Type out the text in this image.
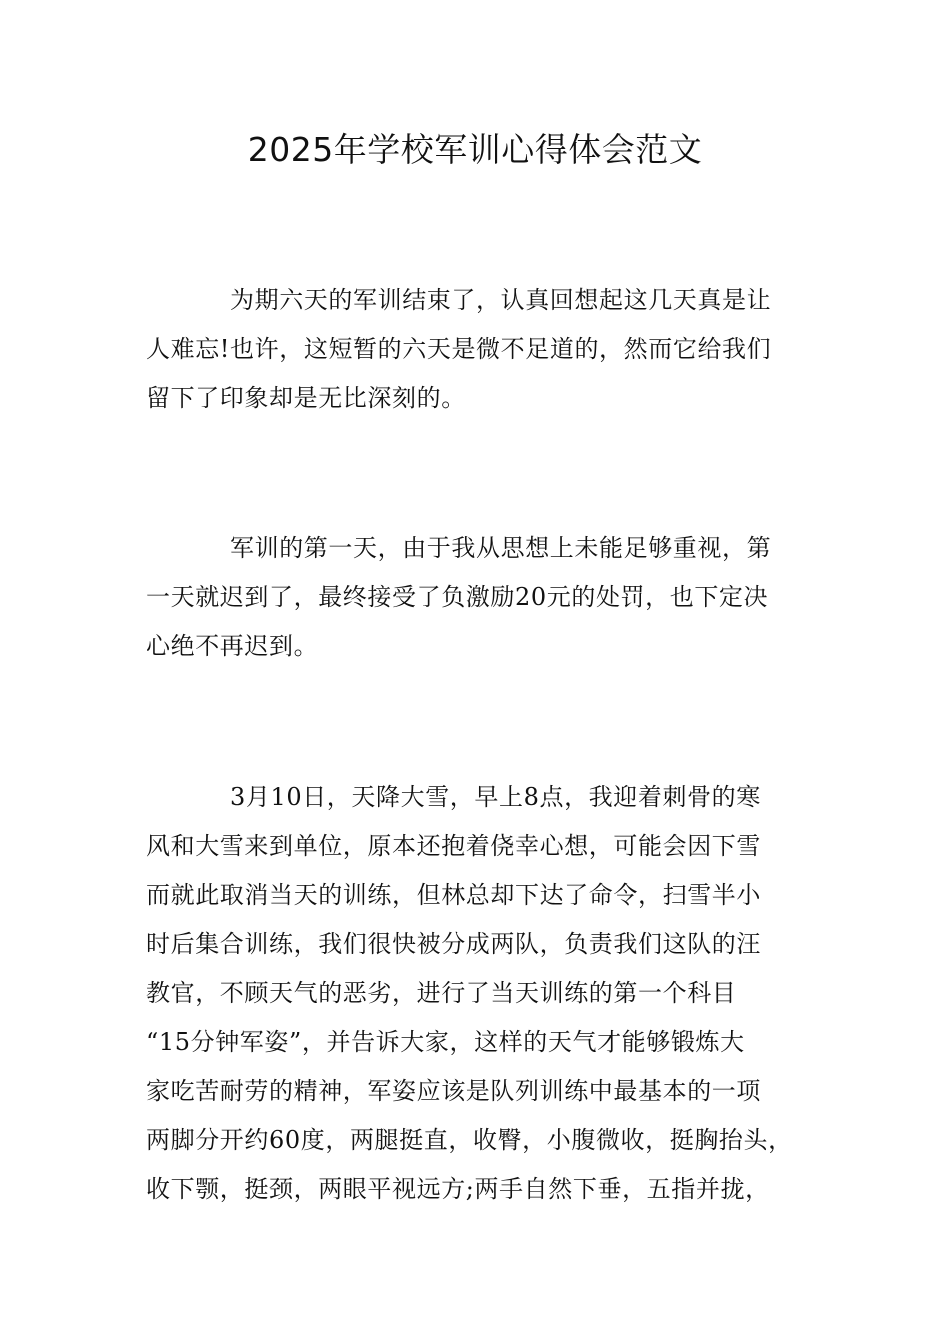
2025年学校军训心得体会范文
为期六天的军训结束了，认真回想起这几天真是让
人难忘!也许，这短暂的六天是微不足道的，然而它给我们
留下了印象却是无比深刻的。
军训的第一天，由于我从思想上未能足够重视，第
一天就迟到了，最终接受了负激励20元的处罚，也下定决
心绝不再迟到。
3月10日，天降大雪，早上8点，我迎着刺骨的寒
风和大雪来到单位，原本还抱着侥幸心想，可能会因下雪
而就此取消当天的训练，但林总却下达了命令，扫雪半小
时后集合训练，我们很快被分成两队，负责我们这队的汪
教官，不顾天气的恶劣，进行了当天训练的第一个科目
“15分钟军姿”，并告诉大家，这样的天气才能够锻炼大
家吃苦耐劳的精神，军姿应该是队列训练中最基本的一项
两脚分开约60度，两腿挺直，收臀，小腹微收，挺胸抬头，
收下颚，挺颈，两眼平视远方;两手自然下垂，五指并拢，
